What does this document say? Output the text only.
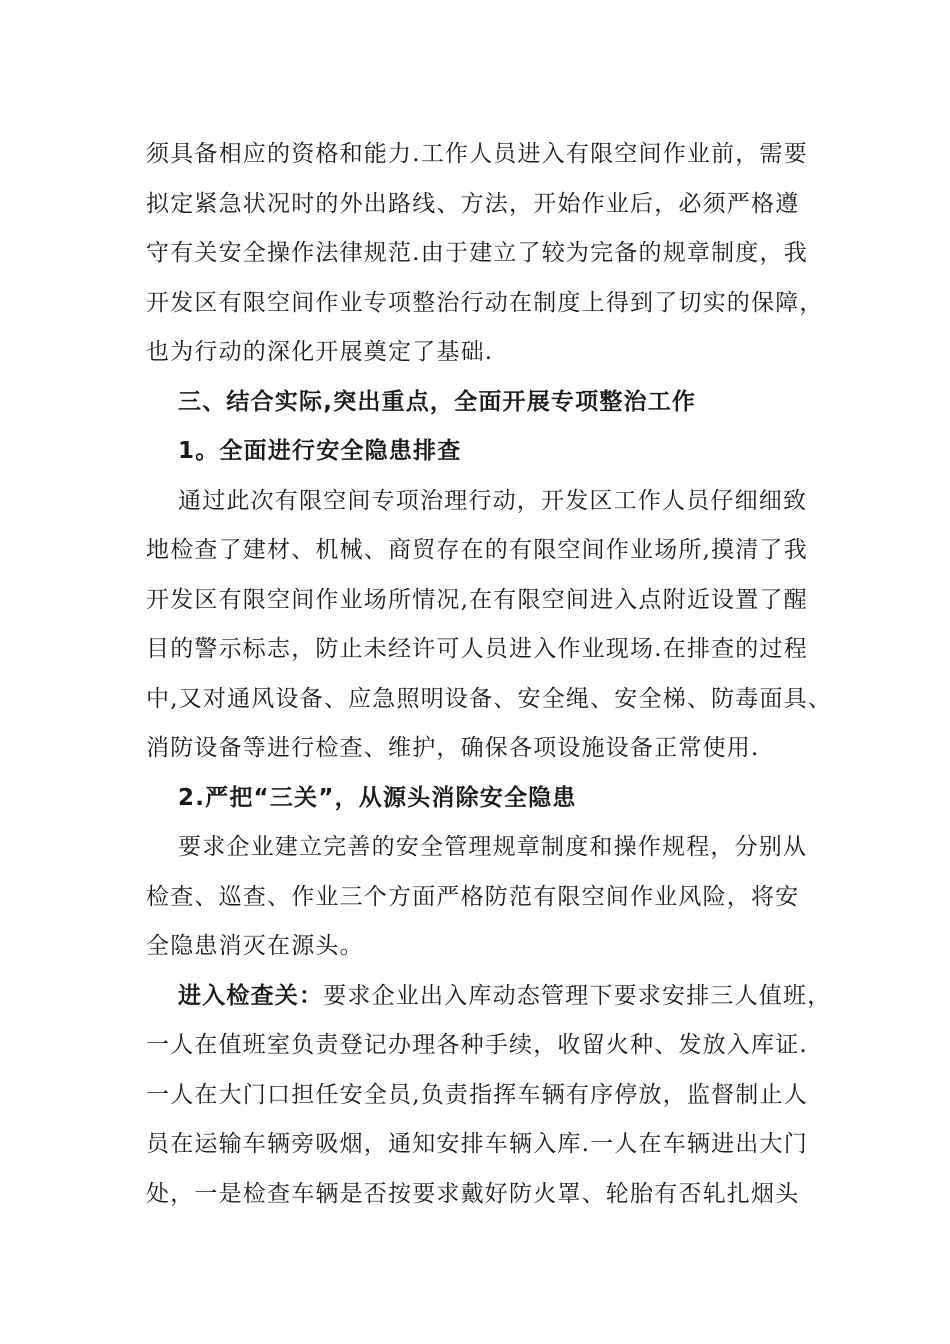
须具备相应的资格和能力.工作人员进入有限空间作业前，需要
拟定紧急状况时的外出路线、方法，开始作业后，必须严格遵
守有关安全操作法律规范.由于建立了较为完备的规章制度，我
开发区有限空间作业专项整治行动在制度上得到了切实的保障，
也为行动的深化开展奠定了基础.
三、结合实际,突出重点，全面开展专项整治工作
1。全面进行安全隐患排查
通过此次有限空间专项治理行动，开发区工作人员仔细细致
地检查了建材、机械、商贸存在的有限空间作业场所,摸清了我
开发区有限空间作业场所情况,在有限空间进入点附近设置了醒
目的警示标志，防止未经许可人员进入作业现场.在排查的过程
中,又对通风设备、应急照明设备、安全绳、安全梯、防毒面具、
消防设备等进行检查、维护，确保各项设施设备正常使用.
2.严把“三关”，从源头消除安全隐患
要求企业建立完善的安全管理规章制度和操作规程，分别从
检查、巡查、作业三个方面严格防范有限空间作业风险，将安
全隐患消灭在源头。
进入检查关：要求企业出入库动态管理下要求安排三人值班，
一人在值班室负责登记办理各种手续，收留火种、发放入库证.
一人在大门口担任安全员,负责指挥车辆有序停放，监督制止人
员在运输车辆旁吸烟，通知安排车辆入库.一人在车辆进出大门
处，一是检查车辆是否按要求戴好防火罩、轮胎有否轧扎烟头
